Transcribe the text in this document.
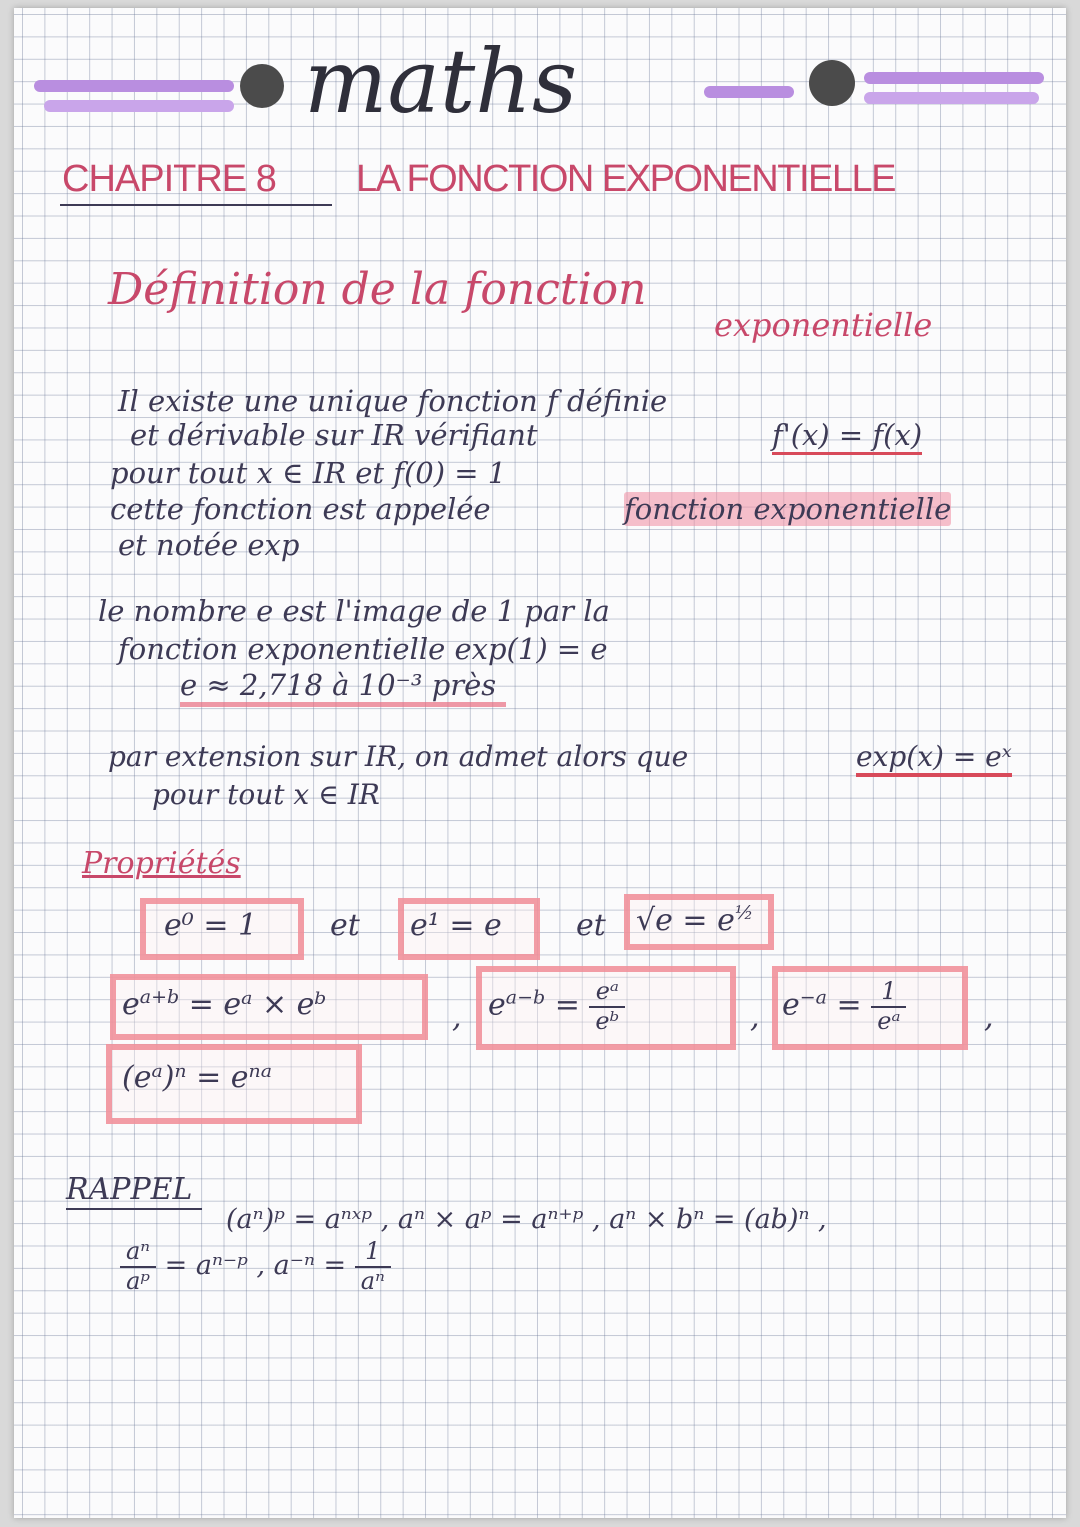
maths
CHAPITRE 8 LA FONCTION EXPONENTIELLE
Définition de la fonction
exponentielle
Il existe une unique fonction f définie
et dérivable sur IR vérifiant	f'(x) = f(x)
pour tout x ∈ IR et f(0) = 1
cette fonction est appelée	fonction exponentielle
et notée exp
le nombre e est l'image de 1 par la
fonction exponentielle exp(1) = e
e ≈ 2,718 à 10⁻³ près
par extension sur IR, on admet alors que	exp(x) = eˣ
pour tout x ∈ IR
Propriétés
e⁰ = 1 et e¹ = e et $√e = e^{\frac{1}{2}}$
$e^{a+b}$ = eᵃ × eᵇ	, $e^{a-b} = \frac{\text{eᵃ}}{\text{eᵇ}}$	, $e^{-a} = \frac{1}{\text{eᵃ}}$	,
(eᵃ)ⁿ = eⁿᵃ
RAPPEL
(aⁿ)ᵖ = aⁿˣᵖ , aⁿ × aᵖ = aⁿ⁺ᵖ , aⁿ × bⁿ = (ab)ⁿ ,
$\frac{\text{aⁿ}}{\text{aᵖ}}$ = aⁿ⁻ᵖ , $a^{-n} = \frac{1}{\text{aⁿ}}$
